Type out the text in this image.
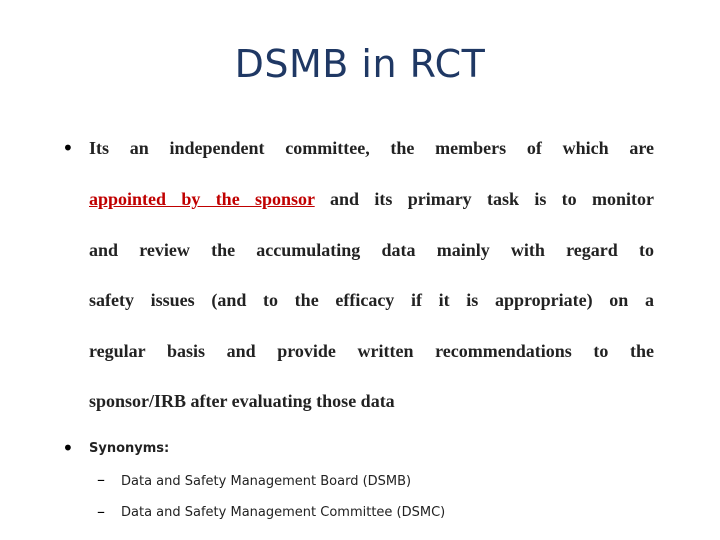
DSMB in RCT
• Its an independent committee, the members of which are
appointed by the sponsor and its primary task is to monitor
and review the accumulating data mainly with regard to
safety issues (and to the efficacy if it is appropriate) on a
regular basis and provide written recommendations to the
sponsor/IRB after evaluating those data
• Synonyms:
– Data and Safety Management Board (DSMB)
– Data and Safety Management Committee (DSMC)
